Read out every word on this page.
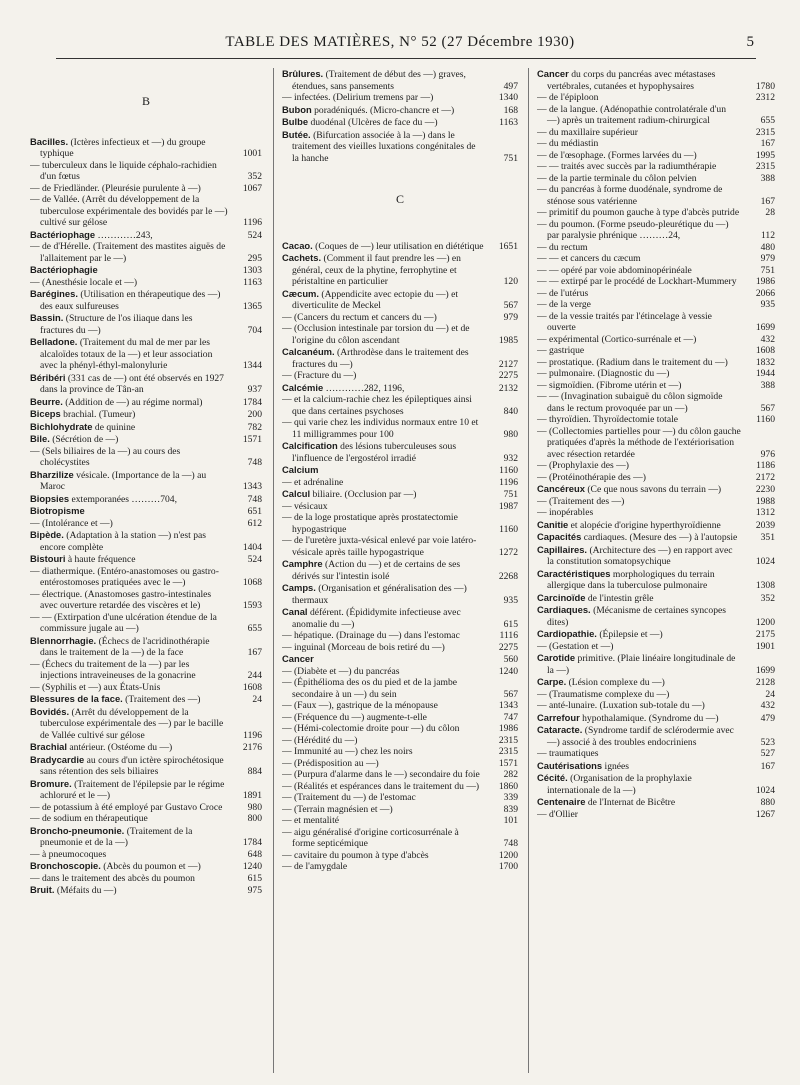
TABLE DES MATIÈRES, N° 52 (27 Décembre 1930)	5
B
Bacilles. (Ictères infectieux et —) du groupe typhique	1001
— tuberculeux dans le liquide céphalo-rachidien d'un fœtus	352
— de Friedländer. (Pleurésie purulente à —)	1067
— de Vallée. (Arrêt du développement de la tuberculose expérimentale des bovidés par le —) cultivé sur gélose	1196
Bactériophage …………243,	524
— de d'Hérelle. (Traitement des mastites aiguës de l'allaitement par le —)	295
Bactériophagie	1303
— (Anesthésie locale et —)	1163
Barégines. (Utilisation en thérapeutique des —) des eaux sulfureuses	1365
Bassin. (Structure de l'os iliaque dans les fractures du —)	704
Belladone. (Traitement du mal de mer par les alcaloïdes totaux de la —) et leur association avec la phényl-éthyl-malonylurie	1344
Béribéri (331 cas de —) ont été observés en 1927 dans la province de Tân-an	937
Beurre. (Addition de —) au régime normal)	1784
Biceps brachial. (Tumeur)	200
Bichlohydrate de quinine	782
Bile. (Sécrétion de —)	1571
— (Sels biliaires de la —) au cours des cholécystites	748
Bharzilize vésicale. (Importance de la —) au Maroc	1343
Biopsies extemporanées ………704,	748
Biotropisme	651
— (Intolérance et —)	612
Bipède. (Adaptation à la station —) n'est pas encore complète	1404
Bistouri à haute fréquence	524
— diathermique. (Entéro-anastomoses ou gastro-entérostomoses pratiquées avec le —)	1068
— électrique. (Anastomoses gastro-intestinales avec ouverture retardée des viscères et le)	1593
— — (Extirpation d'une ulcération étendue de la commissure jugale au —)	655
Blennorrhagie. (Échecs de l'acridinothérapie dans le traitement de la —) de la face	167
— (Échecs du traitement de la —) par les injections intraveineuses de la gonacrine	244
— (Syphilis et —) aux États-Unis	1608
Blessures de la face. (Traitement des —)	24
Bovidés. (Arrêt du développement de la tuberculose expérimentale des —) par le bacille de Vallée cultivé sur gélose	1196
Brachial antérieur. (Ostéome du —)	2176
Bradycardie au cours d'un ictère spirochétosique sans rétention des sels biliaires	884
Bromure. (Traitement de l'épilepsie par le régime achloruré et le —)	1891
— de potassium à été employé par Gustavo Croce	980
— de sodium en thérapeutique	800
Broncho-pneumonie. (Traitement de la pneumonie et de la —)	1784
— à pneumocoques	648
Bronchoscopie. (Abcès du poumon et —)	1240
— dans le traitement des abcès du poumon	615
Bruit. (Méfaits du —)	975
Brûlures. (Traitement de début des —) graves, étendues, sans pansements	497
— infectées. (Delirium tremens par —)	1340
Bubon poradéniqués. (Micro-chancre et —)	168
Bulbe duodénal (Ulcères de face du —)	1163
Butée. (Bifurcation associée à la —) dans le traitement des vieilles luxations congénitales de la hanche	751
C
Cacao. (Coques de —) leur utilisation en diététique 1651
Cachets. (Comment il faut prendre les —) en général, ceux de la phytine, ferrophytine et péristaltine en particulier	120
Cæcum. (Appendicite avec ectopie du —) et diverticulite de Meckel	567
— (Cancers du rectum et cancers du —)	979
— (Occlusion intestinale par torsion du —) et de l'origine du côlon ascendant	1985
Calcanéum. (Arthrodèse dans le traitement des fractures du —)	2127
— (Fracture du —)	2275
Calcémie …………282, 1196,	2132
— et la calcium-rachie chez les épileptiques ainsi que dans certaines psychoses	840
— qui varie chez les individus normaux entre 10 et 11 milligrammes pour 100	980
Calcification des lésions tuberculeuses sous l'influence de l'ergostérol irradié	932
Calcium	1160
— et adrénaline	1196
Calcul biliaire. (Occlusion par —)	751
— vésicaux	1987
— de la loge prostatique après prostatectomie hypogastrique	1160
— de l'uretère juxta-vésical enlevé par voie latéro-vésicale après taille hypogastrique	1272
Camphre (Action du —) et de certains de ses dérivés sur l'intestin isolé	2268
Camps. (Organisation et généralisation des —) thermaux	935
Canal déférent. (Épididymite infectieuse avec anomalie du —)	615
— hépatique. (Drainage du —) dans l'estomac	1116
— inguinal (Morceau de bois retiré du —)	2275
Cancer	560
— (Diabète et —) du pancréas	1240
— (Épithélioma des os du pied et de la jambe secondaire à un —) du sein	567
— (Faux —), gastrique de la ménopause	1343
— (Fréquence du —) augmente-t-elle	747
— (Hémi-colectomie droite pour —) du côlon	1986
— (Hérédité du —)	2315
— Immunité au —) chez les noirs	2315
— (Prédisposition au —)	1571
— (Purpura d'alarme dans le —) secondaire du foie 282
— (Réalités et espérances dans le traitement du —) 1860
— (Traitement du —) de l'estomac	339
— (Terrain magnésien et —)	839
— et mentalité	101
— aigu généralisé d'origine corticosurrénale à forme septicémique	748
— cavitaire du poumon à type d'abcès	1200
— de l'amygdale	1700
Cancer du corps du pancréas avec métastases vertébrales, cutanées et hypophysaires	1780
— de l'épiploon	2312
— de la langue. (Adénopathie controlatérale d'un —) après un traitement radium-chirurgical	655
— du maxillaire supérieur	2315
— du médiastin	167
— de l'œsophage. (Formes larvées du —)	1995
— — traités avec succès par la radiumthérapie	2315
— de la partie terminale du côlon pelvien	388
— du pancréas à forme duodénale, syndrome de sténose sous vatérienne	167
— primitif du poumon gauche à type d'abcès putride	28
— du poumon. (Forme pseudo-pleurétique du —) par paralysie phrénique ………24,	112
— du rectum	480
— — et cancers du cæcum	979
— — opéré par voie abdominopérinéale	751
— — extirpé par le procédé de Lockhart-Mummery 1986
— de l'utérus	2066
— de la verge	935
— de la vessie traités par l'étincelage à vessie ouverte	1699
— expérimental (Cortico-surrénale et —)	432
— gastrique	1608
— prostatique. (Radium dans le traitement du —)	1832
— pulmonaire. (Diagnostic du —)	1944
— sigmoïdien. (Fibrome utérin et —)	388
— — (Invagination subaiguë du côlon sigmoïde dans le rectum provoquée par un —)	567
— thyroïdien. Thyroïdectomie totale	1160
— (Collectomies partielles pour —) du côlon gauche pratiquées d'après la méthode de l'extériorisation avec résection retardée	976
— (Prophylaxie des —)	1186
— (Protéinothérapie des —)	2172
Cancéreux (Ce que nous savons du terrain —)	2230
— (Traitement des —)	1988
— inopérables	1312
Canitie et alopécie d'origine hyperthyroïdienne	2039
Capacités cardiaques. (Mesure des —) à l'autopsie 351
Capillaires. (Architecture des —) en rapport avec la constitution somatopsychique	1024
Caractéristiques morphologiques du terrain allergique dans la tuberculose pulmonaire	1308
Carcinoïde de l'intestin grêle	352
Cardiaques. (Mécanisme de certaines syncopes dites)	1200
Cardiopathie. (Épilepsie et —)	2175
— (Gestation et —)	1901
Carotide primitive. (Plaie linéaire longitudinale de la —)	1699
Carpe. (Lésion complexe du —)	2128
— (Traumatisme complexe du —)	24
— anté-lunaire. (Luxation sub-totale du —)	432
Carrefour hypothalamique. (Syndrome du —)	479
Cataracte. (Syndrome tardif de sclérodermie avec —) associé à des troubles endocriniens	523
— traumatiques	527
Cautérisations ignées	167
Cécité. (Organisation de la prophylaxie internationale de la —)	1024
Centenaire de l'Internat de Bicêtre	880
— d'Ollier	1267
